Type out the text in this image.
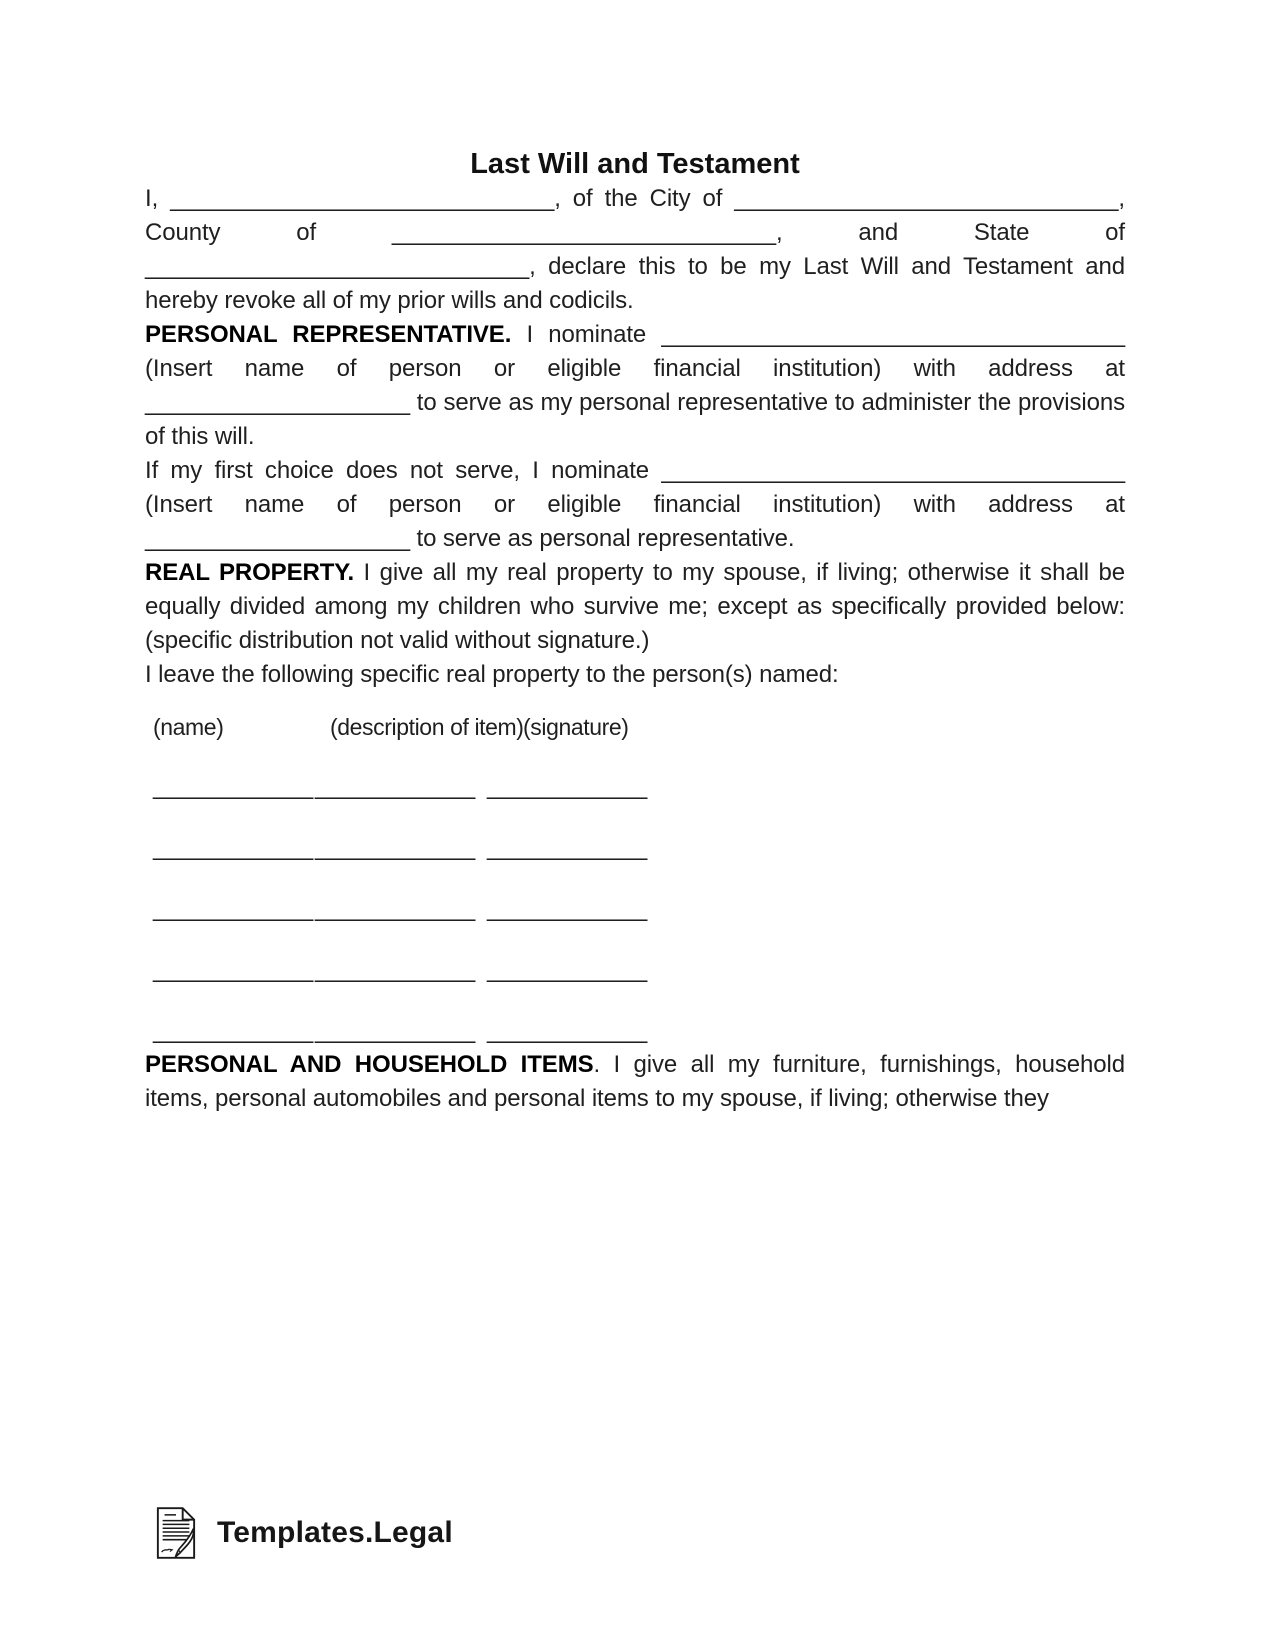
Last Will and Testament

I, _____________________________, of the City of _____________________________, County of _____________________________, and State of _____________________________, declare this to be my Last Will and Testament and hereby revoke all of my prior wills and codicils.

PERSONAL REPRESENTATIVE. I nominate ___________________________________ (Insert name of person or eligible financial institution) with address at ____________________ to serve as my personal representative to administer the provisions of this will.

If my first choice does not serve, I nominate ___________________________________ (Insert name of person or eligible financial institution) with address at ____________________ to serve as personal representative.

REAL PROPERTY. I give all my real property to my spouse, if living; otherwise it shall be equally divided among my children who survive me; except as specifically provided below: (specific distribution not valid without signature.)

I leave the following specific real property to the person(s) named:

(name)	(description of item) (signature)
____________ ____________ ____________
____________ ____________ ____________
____________ ____________ ____________
____________ ____________ ____________
____________ ____________ ____________

PERSONAL AND HOUSEHOLD ITEMS. I give all my furniture, furnishings, household items, personal automobiles and personal items to my spouse, if living; otherwise they

Templates.Legal
